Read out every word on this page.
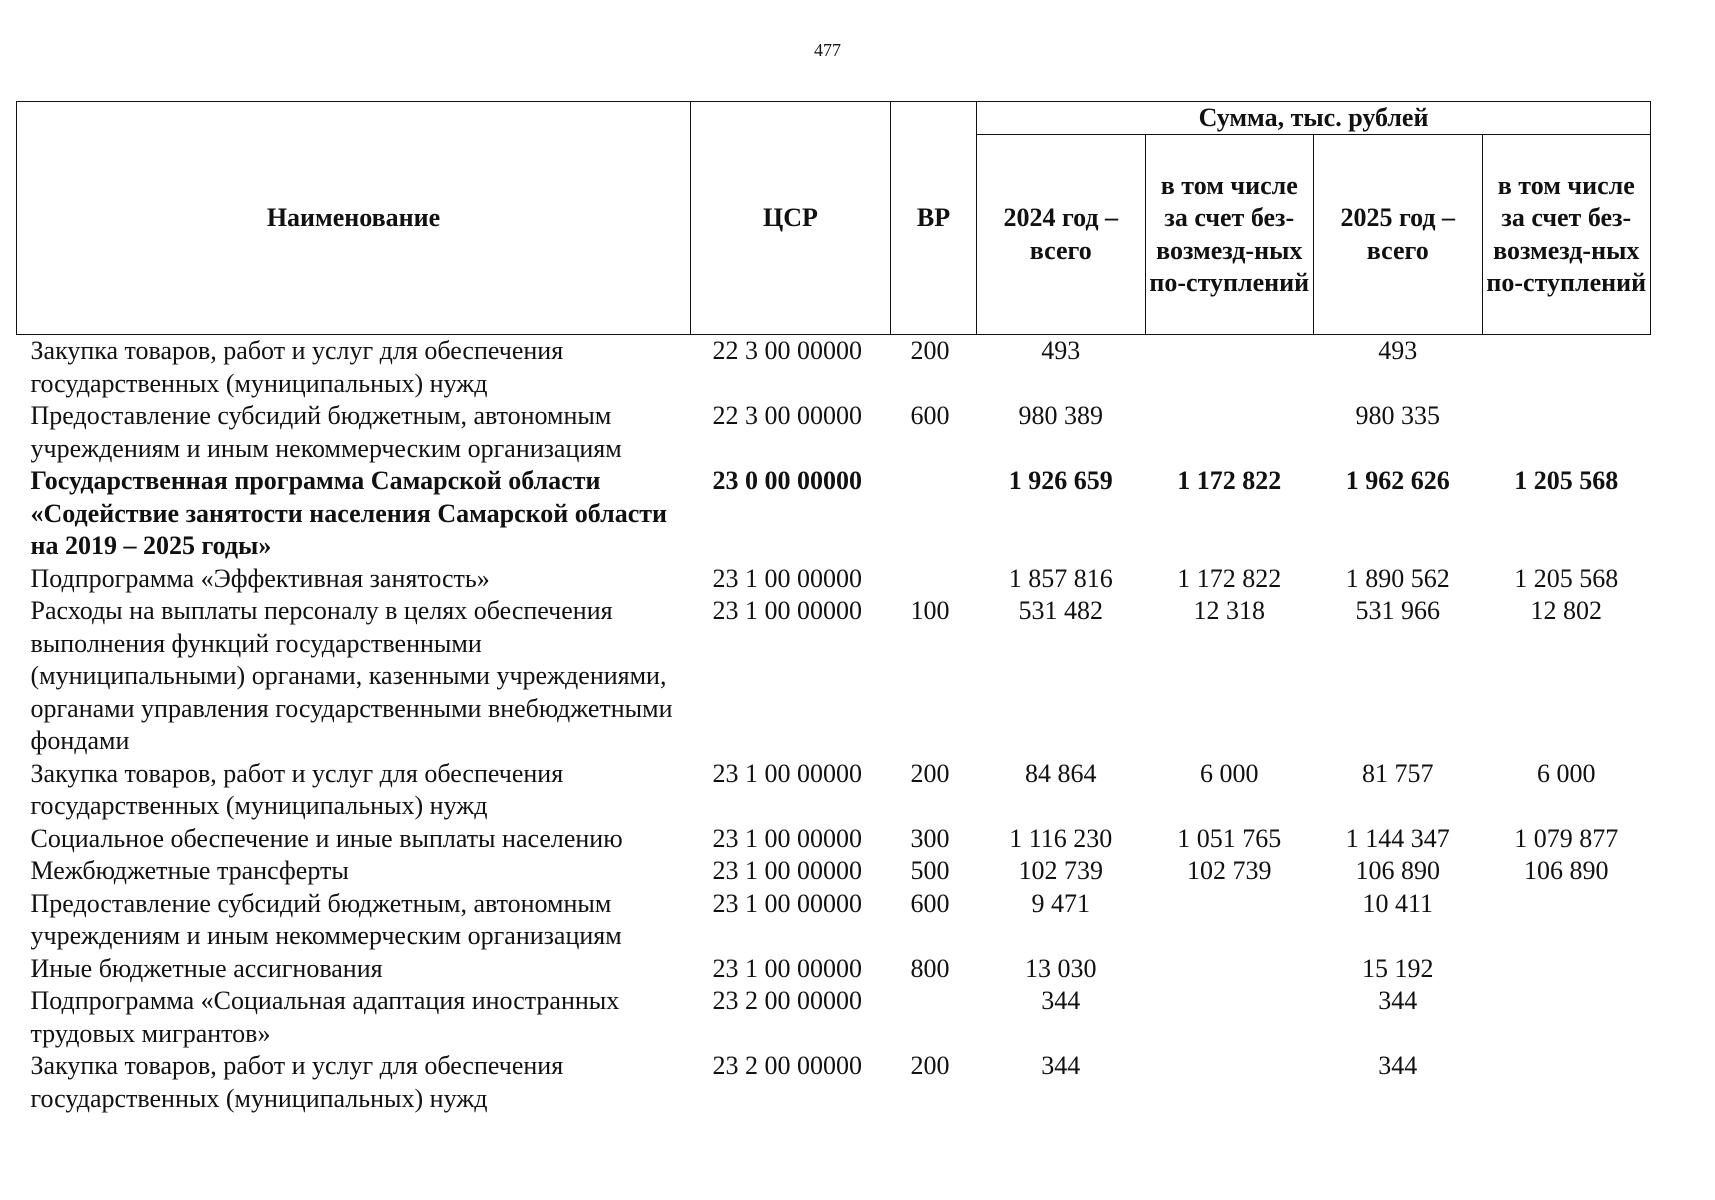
477
Наименование	ЦСР	ВР	Сумма, тыс. рублей			
			2024 год – всего	в том числе за счет без-возмезд-ных по-ступлений	2025 год – всего	в том числе за счет без-возмезд-ных по-ступлений
Закупка товаров, работ и услуг для обеспечения государственных (муниципальных) нужд	22 3 00 00000	200	493		493	
Предоставление субсидий бюджетным, автономным учреждениям и иным некоммерческим организациям	22 3 00 00000	600	980 389		980 335	
Государственная программа Самарской области «Содействие занятости населения Самарской области на 2019 – 2025 годы»	23 0 00 00000		1 926 659	1 172 822	1 962 626	1 205 568
Подпрограмма «Эффективная занятость»	23 1 00 00000		1 857 816	1 172 822	1 890 562	1 205 568
Расходы на выплаты персоналу в целях обеспечения выполнения функций государственными (муниципальными) органами, казенными учреждениями, органами управления государственными внебюджетными фондами	23 1 00 00000	100	531 482	12 318	531 966	12 802
Закупка товаров, работ и услуг для обеспечения государственных (муниципальных) нужд	23 1 00 00000	200	84 864	6 000	81 757	6 000
Социальное обеспечение и иные выплаты населению	23 1 00 00000	300	1 116 230	1 051 765	1 144 347	1 079 877
Межбюджетные трансферты	23 1 00 00000	500	102 739	102 739	106 890	106 890
Предоставление субсидий бюджетным, автономным учреждениям и иным некоммерческим организациям	23 1 00 00000	600	9 471		10 411	
Иные бюджетные ассигнования	23 1 00 00000	800	13 030		15 192	
Подпрограмма «Социальная адаптация иностранных трудовых мигрантов»	23 2 00 00000		344		344	
Закупка товаров, работ и услуг для обеспечения государственных (муниципальных) нужд	23 2 00 00000	200	344		344	
